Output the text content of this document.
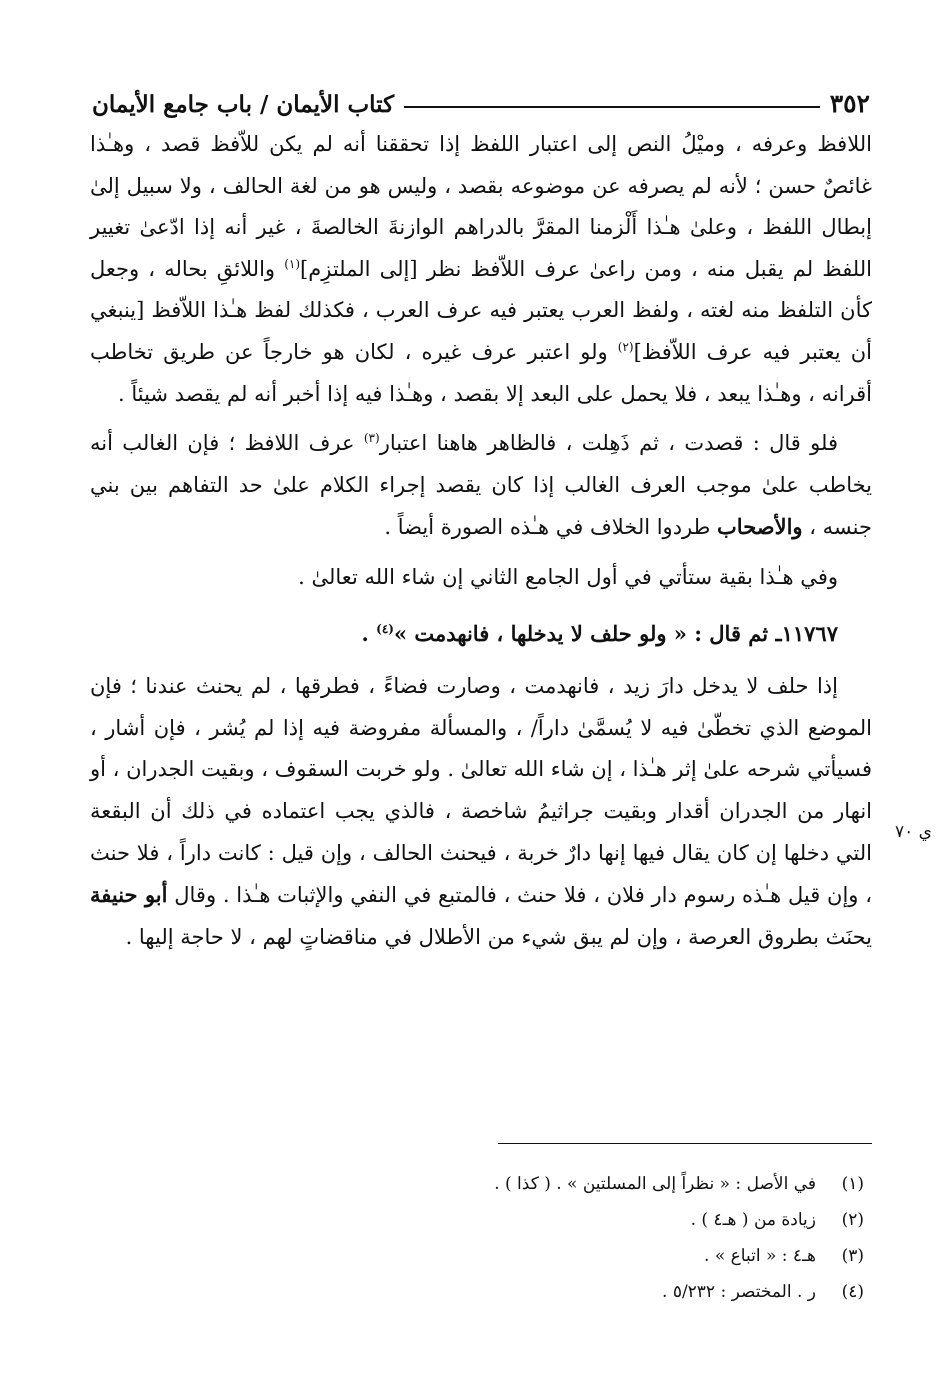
٣٥٢
كتاب الأيمان / باب جامع الأيمان

اللافظ وعرفه ، وميْلُ النص إلى اعتبار اللفظ إذا تحققنا أنه لم يكن للاّفظ قصد ، وهـٰذا غائصٌ حسن ؛ لأنه لم يصرفه عن موضوعه بقصد ، وليس هو من لغة الحالف ، ولا سبيل إلىٰ إبطال اللفظ ، وعلىٰ هـٰذا أَلْزمنا المقرَّ بالدراهم الوازنةَ الخالصةَ ، غير أنه إذا ادّعىٰ تغيير اللفظ لم يقبل منه ، ومن راعىٰ عرف اللاّفظ نظر [إلى الملتزِم]$^{(١)}$ واللائقِ بحاله ، وجعل كأن التلفظ منه لغته ، ولفظ العرب يعتبر فيه عرف العرب ، فكذلك لفظ هـٰذا اللاّفظ [ينبغي أن يعتبر فيه عرف اللاّفظ]$^{(٢)}$ ولو اعتبر عرف غيره ، لكان هو خارجاً عن طريق تخاطب أقرانه ، وهـٰذا يبعد ، فلا يحمل على البعد إلا بقصد ، وهـٰذا فيه إذا أخبر أنه لم يقصد شيئاً .

فلو قال : قصدت ، ثم ذَهِلت ، فالظاهر هاهنا اعتبار$^{(٣)}$ عرف اللافظ ؛ فإن الغالب أنه يخاطب علىٰ موجب العرف الغالب إذا كان يقصد إجراء الكلام علىٰ حد التفاهم بين بني جنسه ، والأصحاب طردوا الخلاف في هـٰذه الصورة أيضاً .

وفي هـٰذا بقية ستأتي في أول الجامع الثاني إن شاء الله تعالىٰ .

١١٧٦٧ـ ثم قال : « ولو حلف لا يدخلها ، فانهدمت »$^{(٤)}$ .

إذا حلف لا يدخل دارَ زيد ، فانهدمت ، وصارت فضاءً ، فطرقها ، لم يحنث عندنا ؛ فإن الموضع الذي تخطّىٰ فيه لا يُسمَّىٰ داراً/ ، والمسألة مفروضة فيه إذا لم يُشر ، فإن أشار ، فسيأتي شرحه علىٰ إثر هـٰذا ، إن شاء الله تعالىٰ . ولو خربت السقوف ، وبقيت الجدران ، أو انهار من الجدران أقدار وبقيت جراثيمُ شاخصة ، فالذي يجب اعتماده في ذلك أن البقعة التي دخلها إن كان يقال فيها إنها دارٌ خربة ، فيحنث الحالف ، وإن قيل : كانت داراً ، فلا حنث ، وإن قيل هـٰذه رسوم دار فلان ، فلا حنث ، فالمتبع في النفي والإثبات هـٰذا . وقال أبو حنيفة يحنَث بطروق العرصة ، وإن لم يبق شيء من الأطلال في مناقضاتٍ لهم ، لا حاجة إليها .

ي ٧٠
(١)
في الأصل : « نظراً إلى المسلتين » . ( كذا ) .
(٢)
زيادة من ( هـ٤ ) .
(٣)
هـ٤ : « اتباع » .
(٤)
ر . المختصر : ٥/٢٣٢ .
